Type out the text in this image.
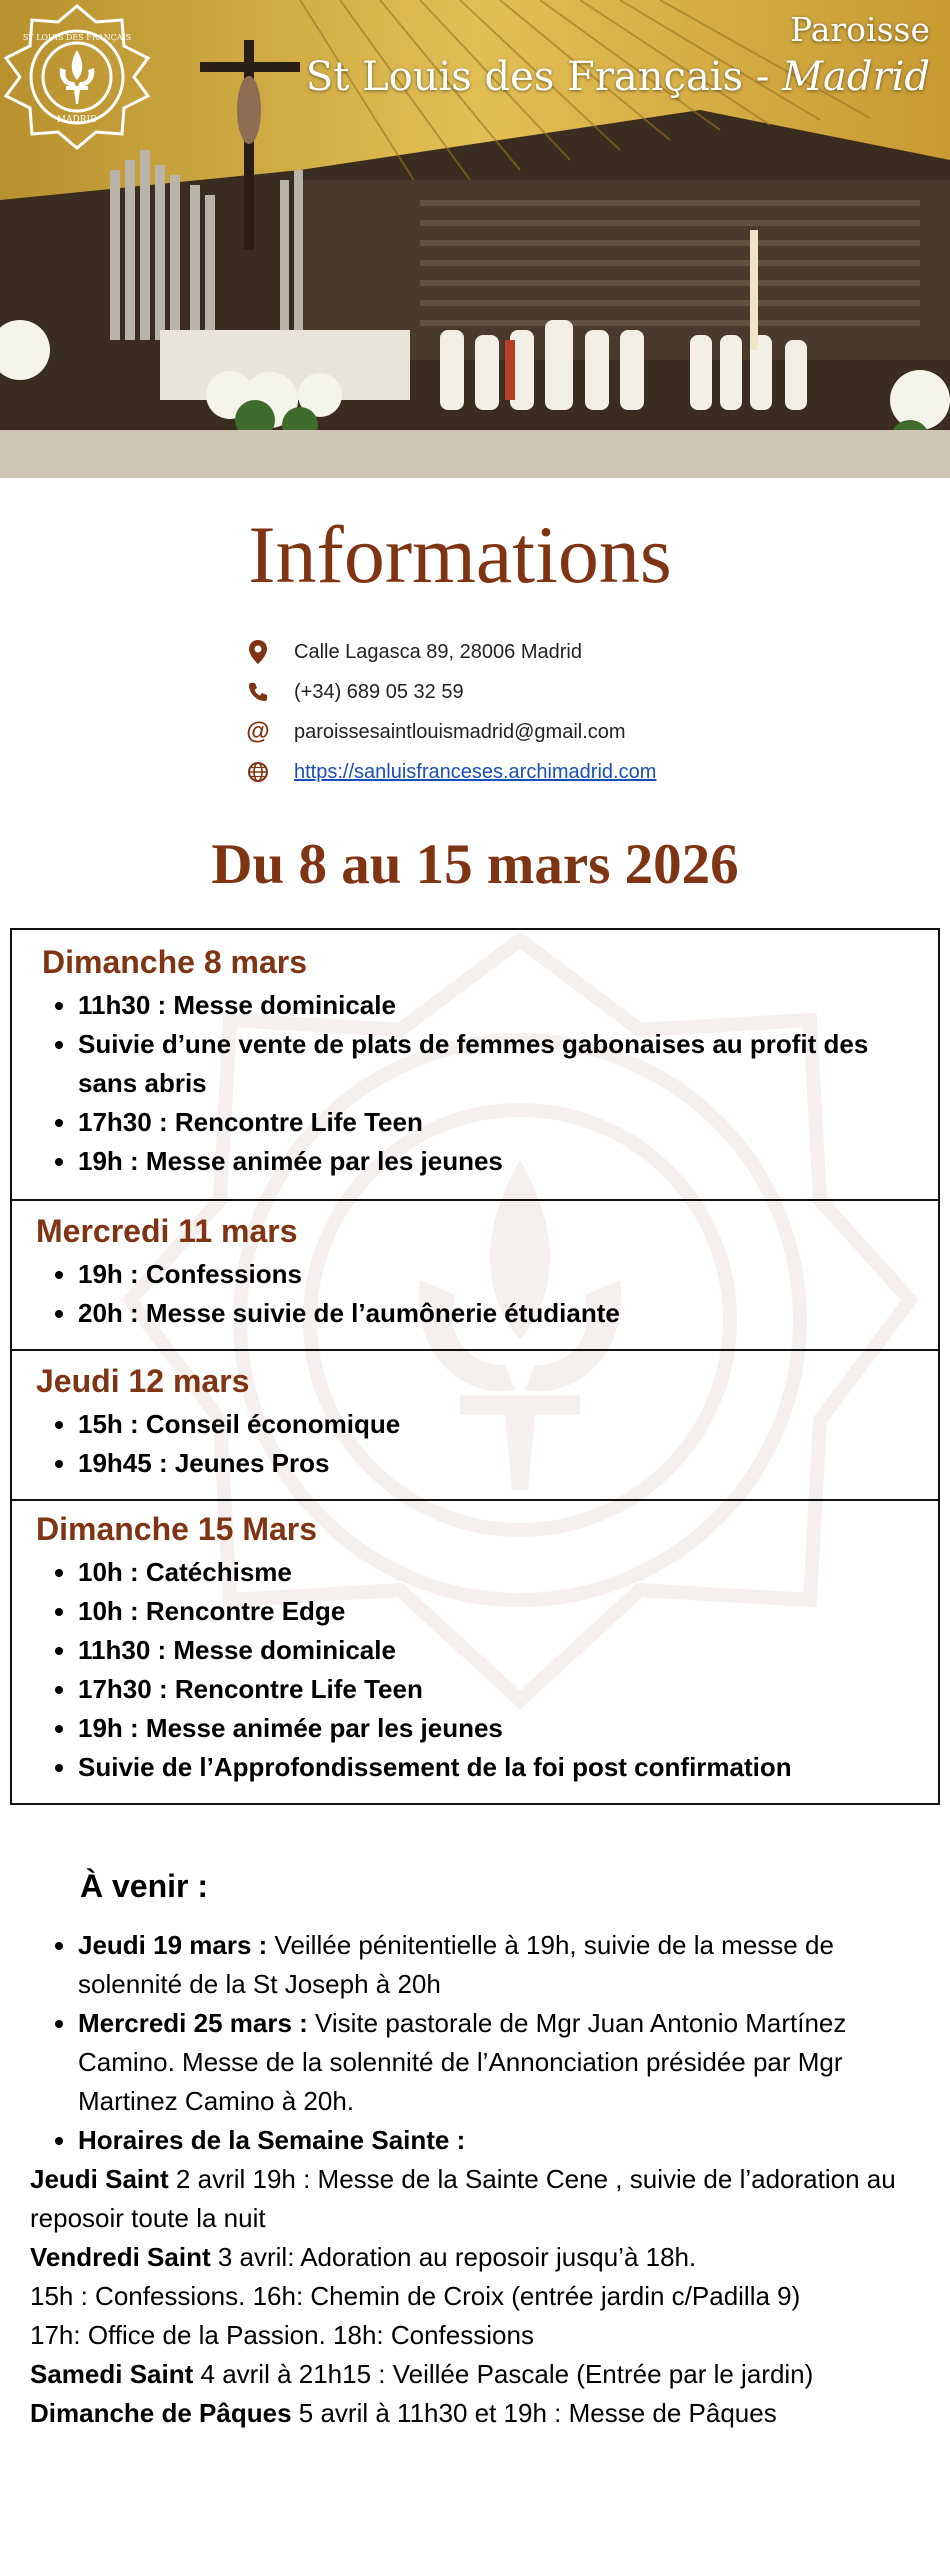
ST LOUIS DES FRANÇAIS
MADRID
Paroisse
St Louis des Français - Madrid
Informations
Calle Lagasca 89, 28006 Madrid
(+34) 689 05 32 59
@	paroissesaintlouismadrid@gmail.com
https://sanluisfranceses.archimadrid.com
Du 8 au 15 mars 2026
Dimanche 8 mars
• 11h30 : Messe dominicale
• Suivie d’une vente de plats de femmes gabonaises au profit des sans abris
• 17h30 : Rencontre Life Teen
• 19h : Messe animée par les jeunes
Mercredi 11 mars
• 19h : Confessions
• 20h : Messe suivie de l’aumônerie étudiante
Jeudi 12 mars
• 15h : Conseil économique
• 19h45 : Jeunes Pros
Dimanche 15 Mars
• 10h : Catéchisme
• 10h : Rencontre Edge
• 11h30 : Messe dominicale
• 17h30 : Rencontre Life Teen
• 19h : Messe animée par les jeunes
• Suivie de l’Approfondissement de la foi post confirmation
À venir :
• Jeudi 19 mars : Veillée pénitentielle à 19h, suivie de la messe de solennité de la St Joseph à 20h
• Mercredi 25 mars : Visite pastorale de Mgr Juan Antonio Martínez Camino. Messe de la solennité de l’Annonciation présidée par Mgr Martinez Camino à 20h.
• Horaires de la Semaine Sainte :

Jeudi Saint 2 avril 19h : Messe de la Sainte Cene , suivie de l’adoration au reposoir toute la nuit

Vendredi Saint 3 avril: Adoration au reposoir jusqu’à 18h.

15h : Confessions. 16h: Chemin de Croix (entrée jardin c/Padilla 9)

17h: Office de la Passion. 18h: Confessions

Samedi Saint 4 avril à 21h15 : Veillée Pascale (Entrée par le jardin)

Dimanche de Pâques 5 avril à 11h30 et 19h : Messe de Pâques
